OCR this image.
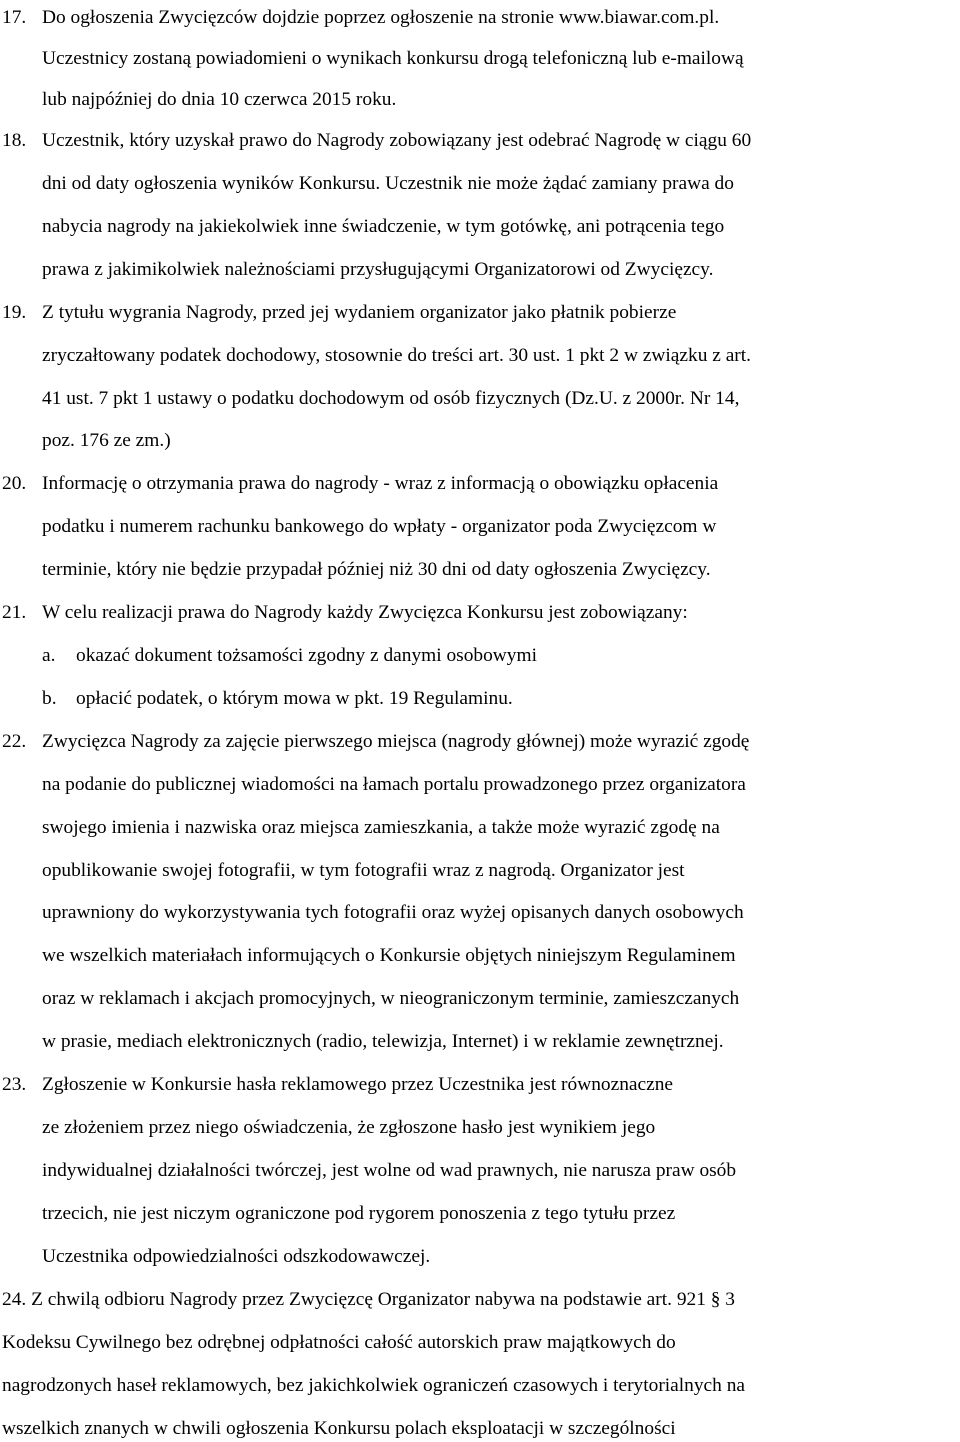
17. Do ogłoszenia Zwycięzców dojdzie poprzez ogłoszenie na stronie www.biawar.com.pl.
Uczestnicy zostaną powiadomieni o wynikach konkursu drogą telefoniczną lub e-mailową
lub najpóźniej do dnia 10 czerwca 2015 roku.
18. Uczestnik, który uzyskał prawo do Nagrody zobowiązany jest odebrać Nagrodę w ciągu 60
dni od daty ogłoszenia wyników Konkursu. Uczestnik nie może żądać zamiany prawa do
nabycia nagrody na jakiekolwiek inne świadczenie, w tym gotówkę, ani potrącenia tego
prawa z jakimikolwiek należnościami przysługującymi Organizatorowi od Zwycięzcy.
19. Z tytułu wygrania Nagrody, przed jej wydaniem organizator jako płatnik pobierze
zryczałtowany podatek dochodowy, stosownie do treści art. 30 ust. 1 pkt 2 w związku z art.
41 ust. 7 pkt 1 ustawy o podatku dochodowym od osób fizycznych (Dz.U. z 2000r. Nr 14,
poz. 176 ze zm.)
20. Informację o otrzymania prawa do nagrody - wraz z informacją o obowiązku opłacenia
podatku i numerem rachunku bankowego do wpłaty - organizator poda Zwycięzcom w
terminie, który nie będzie przypadał później niż 30 dni od daty ogłoszenia Zwycięzcy.
21. W celu realizacji prawa do Nagrody każdy Zwycięzca Konkursu jest zobowiązany:
a. okazać dokument tożsamości zgodny z danymi osobowymi
b. opłacić podatek, o którym mowa w pkt. 19 Regulaminu.
22. Zwycięzca Nagrody za zajęcie pierwszego miejsca (nagrody głównej) może wyrazić zgodę
na podanie do publicznej wiadomości na łamach portalu prowadzonego przez organizatora
swojego imienia i nazwiska oraz miejsca zamieszkania, a także może wyrazić zgodę na
opublikowanie swojej fotografii, w tym fotografii wraz z nagrodą. Organizator jest
uprawniony do wykorzystywania tych fotografii oraz wyżej opisanych danych osobowych
we wszelkich materiałach informujących o Konkursie objętych niniejszym Regulaminem
oraz w reklamach i akcjach promocyjnych, w nieograniczonym terminie, zamieszczanych
w prasie, mediach elektronicznych (radio, telewizja, Internet) i w reklamie zewnętrznej.
23. Zgłoszenie w Konkursie hasła reklamowego przez Uczestnika jest równoznaczne
ze złożeniem przez niego oświadczenia, że zgłoszone hasło jest wynikiem jego
indywidualnej działalności twórczej, jest wolne od wad prawnych, nie narusza praw osób
trzecich, nie jest niczym ograniczone pod rygorem ponoszenia z tego tytułu przez
Uczestnika odpowiedzialności odszkodowawczej.
24. Z chwilą odbioru Nagrody przez Zwycięzcę Organizator nabywa na podstawie art. 921 § 3
Kodeksu Cywilnego bez odrębnej odpłatności całość autorskich praw majątkowych do
nagrodzonych haseł reklamowych, bez jakichkolwiek ograniczeń czasowych i terytorialnych na
wszelkich znanych w chwili ogłoszenia Konkursu polach eksploatacji w szczególności
